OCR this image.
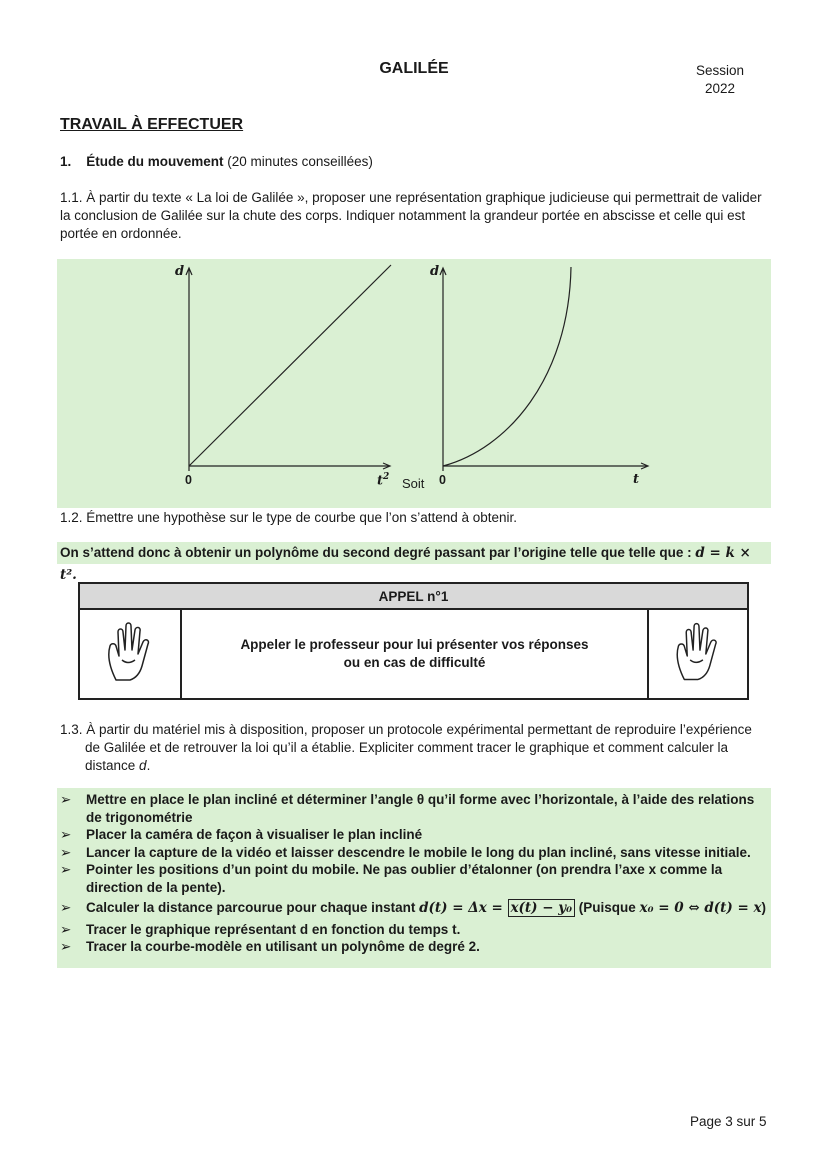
GALILÉE	Session
2022
TRAVAIL À EFFECTUER
1. Étude du mouvement (20 minutes conseillées)
1.1. À partir du texte « La loi de Galilée », proposer une représentation graphique judicieuse qui permettrait de valider
la conclusion de Galilée sur la chute des corps. Indiquer notamment la grandeur portée en abscisse et celle qui est
portée en ordonnée.
d
0	$t^2$ Soit
d
0	t
1.2. Émettre une hypothèse sur le type de courbe que l’on s’attend à obtenir.
On s’attend donc à obtenir un polynôme du second degré passant par l’origine telle que telle que : d = k × t².
APPEL n°1
Appeler le professeur pour lui présenter vos réponses
ou en cas de difficulté
1.3. À partir du matériel mis à disposition, proposer un protocole expérimental permettant de reproduire l’expérience
de Galilée et de retrouver la loi qu’il a établie. Expliciter comment tracer le graphique et comment calculer la
distance d.
➢ Mettre en place le plan incliné et déterminer l’angle θ qu’il forme avec l’horizontale, à l’aide des relations
de trigonométrie
➢ Placer la caméra de façon à visualiser le plan incliné
➢ Lancer la capture de la vidéo et laisser descendre le mobile le long du plan incliné, sans vitesse initiale.
➢ Pointer les positions d’un point du mobile. Ne pas oublier d’étalonner (on prendra l’axe x comme la
direction de la pente).
➢ Calculer la distance parcourue pour chaque instant d(t) = Δx = x(t) − y₀ (Puisque x₀ = 0 ⇔ d(t) = x)
➢ Tracer le graphique représentant d en fonction du temps t.
➢ Tracer la courbe-modèle en utilisant un polynôme de degré 2.
Page 3 sur 5
